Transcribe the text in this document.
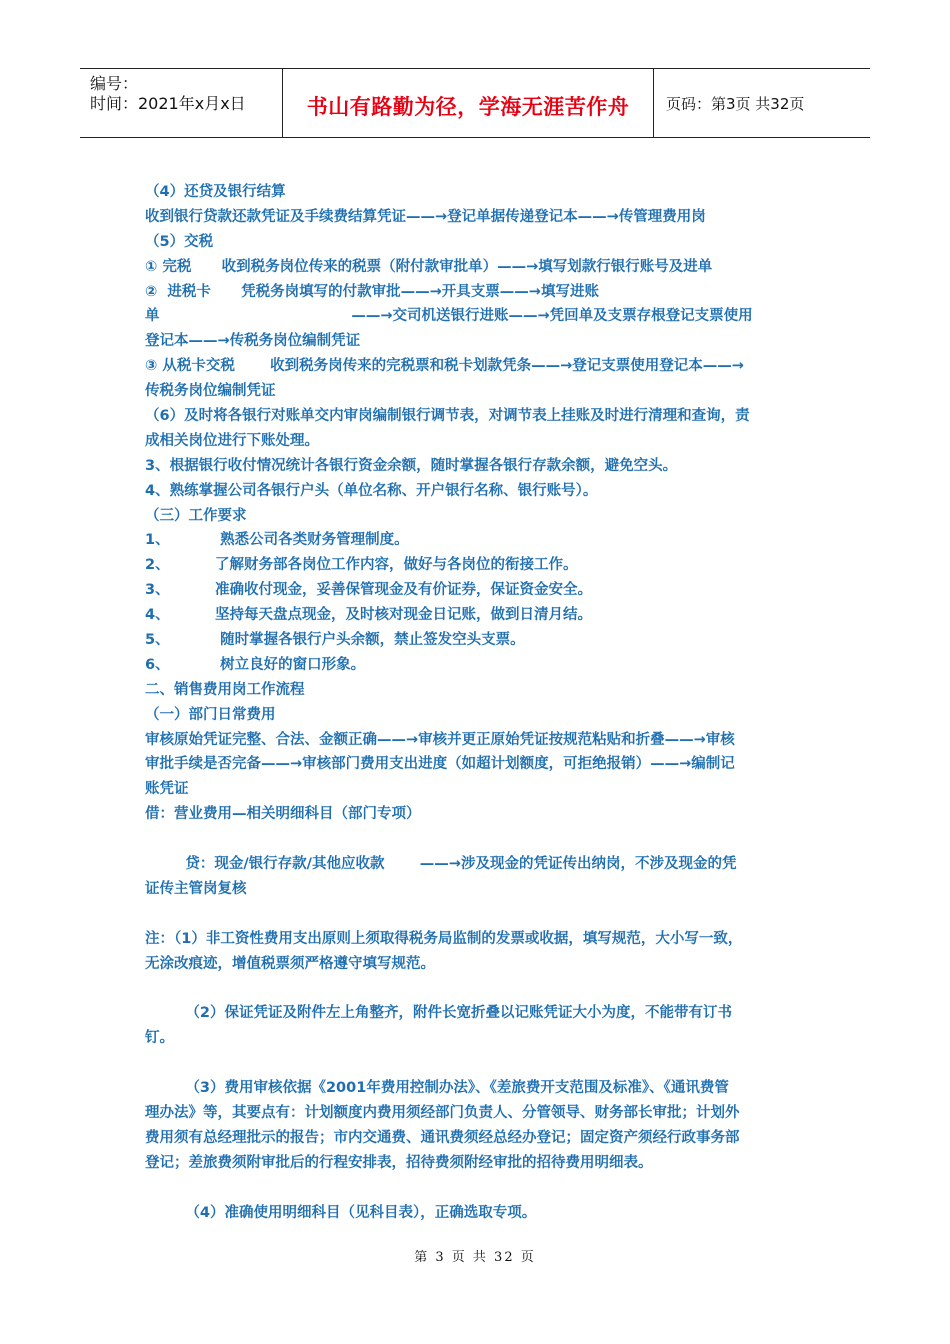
编号：
时间：2021年x月x日	书山有路勤为径，学海无涯苦作舟	页码：第3页 共32页
（4）还贷及银行结算
收到银行贷款还款凭证及手续费结算凭证——→登记单据传递登记本——→传管理费用岗
（5）交税
① 完税      收到税务岗位传来的税票（附付款审批单）——→填写划款行银行账号及进单
②  进税卡      凭税务岗填写的付款审批——→开具支票——→填写进账
单                                      ——→交司机送银行进账——→凭回单及支票存根登记支票使用
登记本——→传税务岗位编制凭证
③ 从税卡交税       收到税务岗传来的完税票和税卡划款凭条——→登记支票使用登记本——→
传税务岗位编制凭证
（6）及时将各银行对账单交内审岗编制银行调节表，对调节表上挂账及时进行清理和查询，责
成相关岗位进行下账处理。
3、根据银行收付情况统计各银行资金余额，随时掌握各银行存款余额，避免空头。
4、熟练掌握公司各银行户头（单位名称、开户银行名称、银行账号）。
（三）工作要求
1、          熟悉公司各类财务管理制度。
2、         了解财务部各岗位工作内容，做好与各岗位的衔接工作。
3、         准确收付现金，妥善保管现金及有价证券，保证资金安全。
4、         坚持每天盘点现金，及时核对现金日记账，做到日清月结。
5、          随时掌握各银行户头余额，禁止签发空头支票。
6、          树立良好的窗口形象。
二、销售费用岗工作流程
（一）部门日常费用
审核原始凭证完整、合法、金额正确——→审核并更正原始凭证按规范粘贴和折叠——→审核
审批手续是否完备——→审核部门费用支出进度（如超计划额度，可拒绝报销）——→编制记
账凭证
借：营业费用—相关明细科目（部门专项）
贷：现金/银行存款/其他应收款       ——→涉及现金的凭证传出纳岗，不涉及现金的凭
证传主管岗复核
注：（1）非工资性费用支出原则上须取得税务局监制的发票或收据，填写规范，大小写一致，
无涂改痕迹，增值税票须严格遵守填写规范。
（2）保证凭证及附件左上角整齐，附件长宽折叠以记账凭证大小为度，不能带有订书
钉。
（3）费用审核依据《2001年费用控制办法》、《差旅费开支范围及标准》、《通讯费管
理办法》等，其要点有：计划额度内费用须经部门负责人、分管领导、财务部长审批；计划外
费用须有总经理批示的报告；市内交通费、通讯费须经总经办登记；固定资产须经行政事务部
登记；差旅费须附审批后的行程安排表，招待费须附经审批的招待费用明细表。
（4）准确使用明细科目（见科目表），正确选取专项。
第 3 页 共 32 页
